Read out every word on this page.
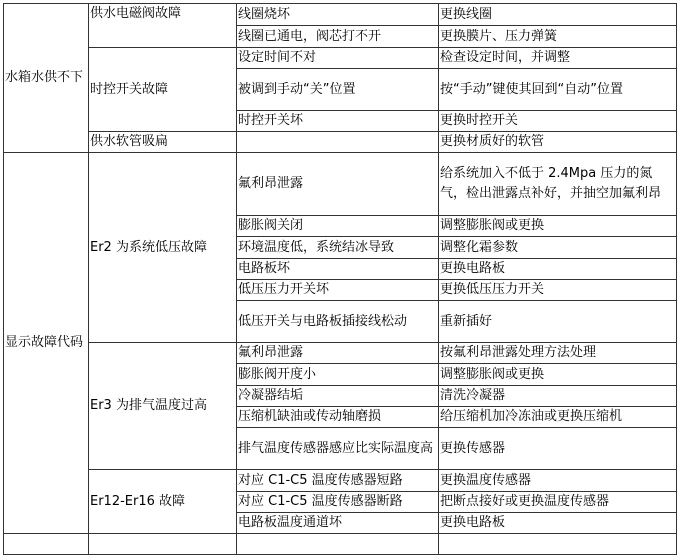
水箱水供不下	供水电磁阀故障	线圈烧坏	更换线圈
		线圈已通电，阀芯打不开	更换膜片、压力弹簧
	时控开关故障	设定时间不对	检查设定时间，并调整
		被调到手动“关”位置	按“手动”键使其回到“自动”位置
		时控开关坏	更换时控开关
	供水软管吸扁		更换材质好的软管
显示故障代码	Er2 为系统低压故障	氟利昂泄露	给系统加入不低于 2.4Mpa 压力的氮气，检出泄露点补好，并抽空加氟利昂
		膨胀阀关闭	调整膨胀阀或更换
		环境温度低，系统结冰导致	调整化霜参数
		电路板坏	更换电路板
		低压压力开关坏	更换低压压力开关
		低压开关与电路板插接线松动	重新插好
	Er3 为排气温度过高	氟利昂泄露	按氟利昂泄露处理方法处理
		膨胀阀开度小	调整膨胀阀或更换
		冷凝器结垢	清洗冷凝器
		压缩机缺油或传动轴磨损	给压缩机加冷冻油或更换压缩机
		排气温度传感器感应比实际温度高	更换传感器
	Er12-Er16 故障	对应 C1-C5 温度传感器短路	更换温度传感器
		对应 C1-C5 温度传感器断路	把断点接好或更换温度传感器
		电路板温度通道坏	更换电路板
